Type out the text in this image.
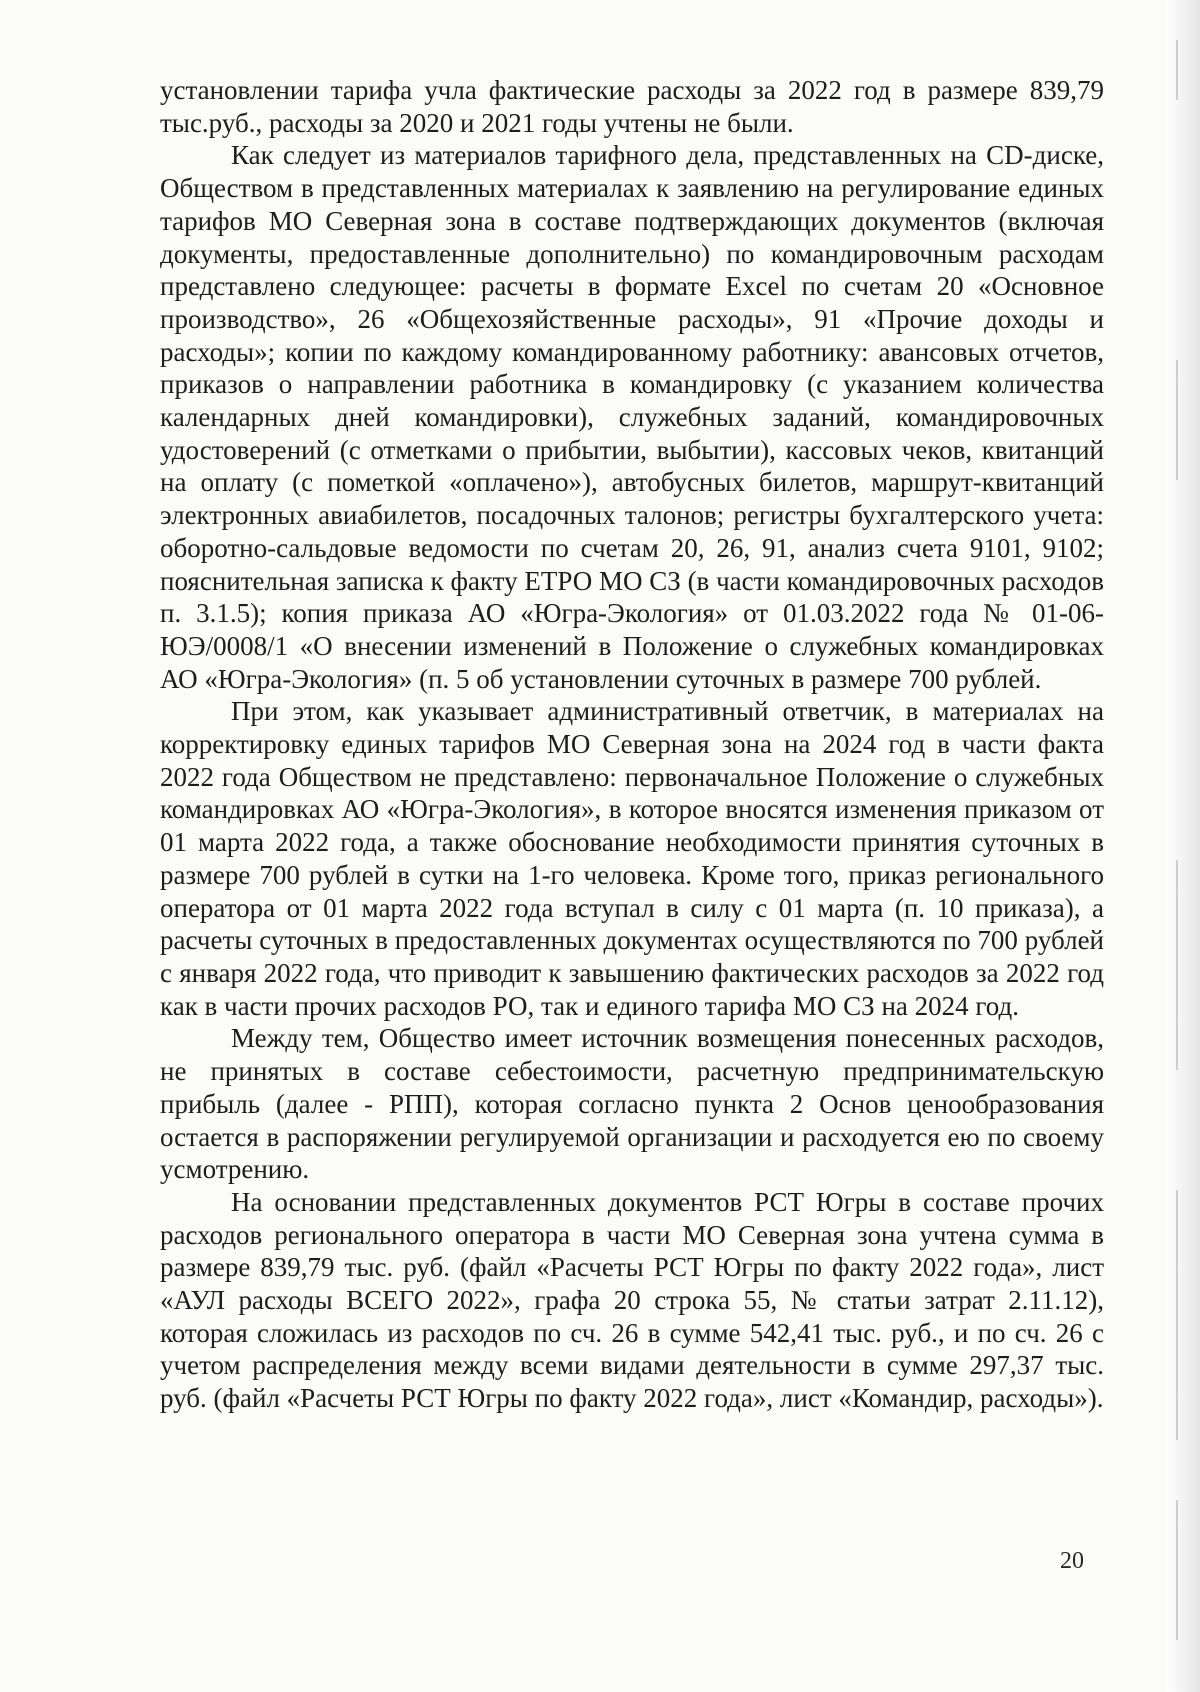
установлении тарифа учла фактические расходы за 2022 год в размере 839,79 тыс.руб., расходы за 2020 и 2021 годы учтены не были.

Как следует из материалов тарифного дела, представленных на CD-диске, Обществом в представленных материалах к заявлению на регулирование единых тарифов МО Северная зона в составе подтверждающих документов (включая документы, предоставленные дополнительно) по командировочным расходам представлено следующее: расчеты в формате Excel по счетам 20 «Основное производство», 26 «Общехозяйственные расходы», 91 «Прочие доходы и расходы»; копии по каждому командированному работнику: авансовых отчетов, приказов о направлении работника в командировку (с указанием количества календарных дней командировки), служебных заданий, командировочных удостоверений (с отметками о прибытии, выбытии), кассовых чеков, квитанций на оплату (с пометкой «оплачено»), автобусных билетов, маршрут-квитанций электронных авиабилетов, посадочных талонов; регистры бухгалтерского учета: оборотно-сальдовые ведомости по счетам 20, 26, 91, анализ счета 9101, 9102; пояснительная записка к факту ЕТРО МО СЗ (в части командировочных расходов п. 3.1.5); копия приказа АО «Югра-Экология» от 01.03.2022 года № 01-06- ЮЭ/0008/1 «О внесении изменений в Положение о служебных командировках АО «Югра-Экология» (п. 5 об установлении суточных в размере 700 рублей.

При этом, как указывает административный ответчик, в материалах на корректировку единых тарифов МО Северная зона на 2024 год в части факта 2022 года Обществом не представлено: первоначальное Положение о служебных командировках АО «Югра-Экология», в которое вносятся изменения приказом от 01 марта 2022 года, а также обоснование необходимости принятия суточных в размере 700 рублей в сутки на 1-го человека. Кроме того, приказ регионального оператора от 01 марта 2022 года вступал в силу с 01 марта (п. 10 приказа), а расчеты суточных в предоставленных документах осуществляются по 700 рублей с января 2022 года, что приводит к завышению фактических расходов за 2022 год как в части прочих расходов РО, так и единого тарифа МО СЗ на 2024 год.

Между тем, Общество имеет источник возмещения понесенных расходов, не принятых в составе себестоимости, расчетную предпринимательскую прибыль (далее - РПП), которая согласно пункта 2 Основ ценообразования остается в распоряжении регулируемой организации и расходуется ею по своему усмотрению.

На основании представленных документов РСТ Югры в составе прочих расходов регионального оператора в части МО Северная зона учтена сумма в размере 839,79 тыс. руб. (файл «Расчеты РСТ Югры по факту 2022 года», лист «АУЛ расходы ВСЕГО 2022», графа 20 строка 55, № статьи затрат 2.11.12), которая сложилась из расходов по сч. 26 в сумме 542,41 тыс. руб., и по сч. 26 с учетом распределения между всеми видами деятельности в сумме 297,37 тыс. руб. (файл «Расчеты РСТ Югры по факту 2022 года», лист «Командир, расходы»).

20
